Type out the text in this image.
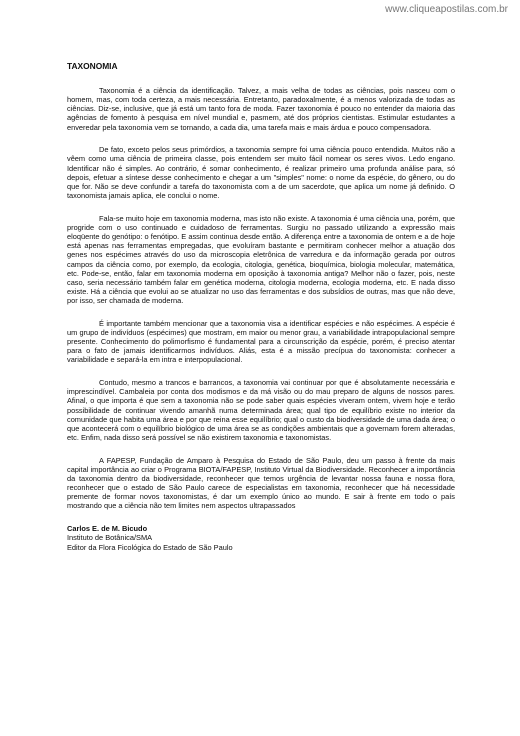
www.cliqueapostilas.com.br
TAXONOMIA

Taxonomia é a ciência da identificação. Talvez, a mais velha de todas as ciências, pois nasceu com o homem, mas, com toda certeza, a mais necessária. Entretanto, paradoxalmente, é a menos valorizada de todas as ciências. Diz-se, inclusive, que já está um tanto fora de moda. Fazer taxonomia é pouco no entender da maioria das agências de fomento à pesquisa em nível mundial e, pasmem, até dos próprios cientistas. Estimular estudantes a enveredar pela taxonomia vem se tornando, a cada dia, uma tarefa mais e mais árdua e pouco compensadora.

De fato, exceto pelos seus primórdios, a taxonomia sempre foi uma ciência pouco entendida. Muitos não a vêem como uma ciência de primeira classe, pois entendem ser muito fácil nomear os seres vivos. Ledo engano. Identificar não é simples. Ao contrário, é somar conhecimento, é realizar primeiro uma profunda análise para, só depois, efetuar a síntese desse conhecimento e chegar a um "simples" nome: o nome da espécie, do gênero, ou do que for. Não se deve confundir a tarefa do taxonomista com a de um sacerdote, que aplica um nome já definido. O taxonomista jamais aplica, ele conclui o nome.

Fala-se muito hoje em taxonomia moderna, mas isto não existe. A taxonomia é uma ciência una, porém, que progride com o uso continuado e cuidadoso de ferramentas. Surgiu no passado utilizando a expressão mais eloqüente do genótipo: o fenótipo. E assim continua desde então. A diferença entre a taxonomia de ontem e a de hoje está apenas nas ferramentas empregadas, que evoluíram bastante e permitiram conhecer melhor a atuação dos genes nos espécimes através do uso da microscopia eletrônica de varredura e da informação gerada por outros campos da ciência como, por exemplo, da ecologia, citologia, genética, bioquímica, biologia molecular, matemática, etc. Pode-se, então, falar em taxonomia moderna em oposição à taxonomia antiga? Melhor não o fazer, pois, neste caso, seria necessário também falar em genética moderna, citologia moderna, ecologia moderna, etc. E nada disso existe. Há a ciência que evolui ao se atualizar no uso das ferramentas e dos subsídios de outras, mas que não deve, por isso, ser chamada de moderna.

É importante também mencionar que a taxonomia visa a identificar espécies e não espécimes. A espécie é um grupo de indivíduos (espécimes) que mostram, em maior ou menor grau, a variabilidade intrapopulacional sempre presente. Conhecimento do polimorfismo é fundamental para a circunscrição da espécie, porém, é preciso atentar para o fato de jamais identificarmos indivíduos. Aliás, esta é a missão precípua do taxonomista: conhecer a variabilidade e separá-la em intra e interpopulacional.

Contudo, mesmo a trancos e barrancos, a taxonomia vai continuar por que é absolutamente necessária e imprescindível. Cambaleia por conta dos modismos e da má visão ou do mau preparo de alguns de nossos pares. Afinal, o que importa é que sem a taxonomia não se pode saber quais espécies viveram ontem, vivem hoje e terão possibilidade de continuar vivendo amanhã numa determinada área; qual tipo de equilíbrio existe no interior da comunidade que habita uma área e por que reina esse equilíbrio; qual o custo da biodiversidade de uma dada área; o que acontecerá com o equilíbrio biológico de uma área se as condições ambientais que a governam forem alteradas, etc. Enfim, nada disso será possível se não existirem taxonomia e taxonomistas.

A FAPESP, Fundação de Amparo à Pesquisa do Estado de São Paulo, deu um passo à frente da mais capital importância ao criar o Programa BIOTA/FAPESP, Instituto Virtual da Biodiversidade. Reconhecer a importância da taxonomia dentro da biodiversidade, reconhecer que temos urgência de levantar nossa fauna e nossa flora, reconhecer que o estado de São Paulo carece de especialistas em taxonomia, reconhecer que há necessidade premente de formar novos taxonomistas, é dar um exemplo único ao mundo. E sair à frente em todo o país mostrando que a ciência não tem limites nem aspectos ultrapassados

Carlos E. de M. Bicudo
Instituto de Botânica/SMA
Editor da Flora Ficológica do Estado de São Paulo
